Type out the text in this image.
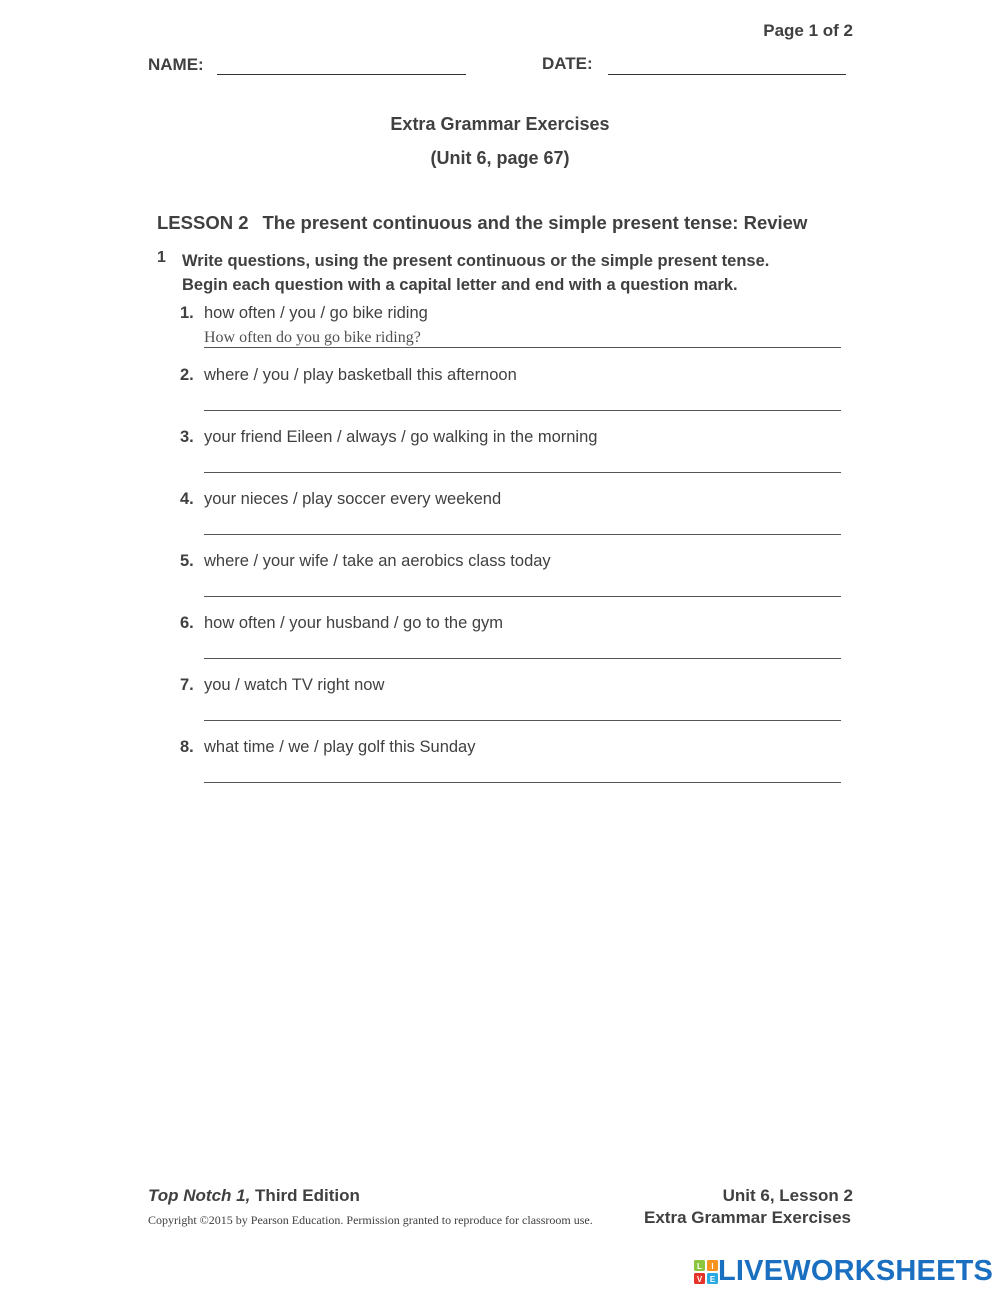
Page 1 of 2
NAME:	DATE:
Extra Grammar Exercises
(Unit 6, page 67)
LESSON 2 The present continuous and the simple present tense: Review
1 Write questions, using the present continuous or the simple present tense.
Begin each question with a capital letter and end with a question mark.
1. how often / you / go bike riding
How often do you go bike riding?
2. where / you / play basketball this afternoon
3. your friend Eileen / always / go walking in the morning
4. your nieces / play soccer every weekend
5. where / your wife / take an aerobics class today
6. how often / your husband / go to the gym
7. you / watch TV right now
8. what time / we / play golf this Sunday
Top Notch 1, Third Edition
Copyright ©2015 by Pearson Education. Permission granted to reproduce for classroom use.
Unit 6, Lesson 2
Extra Grammar Exercises
L I
V E LIVEWORKSHEETS
